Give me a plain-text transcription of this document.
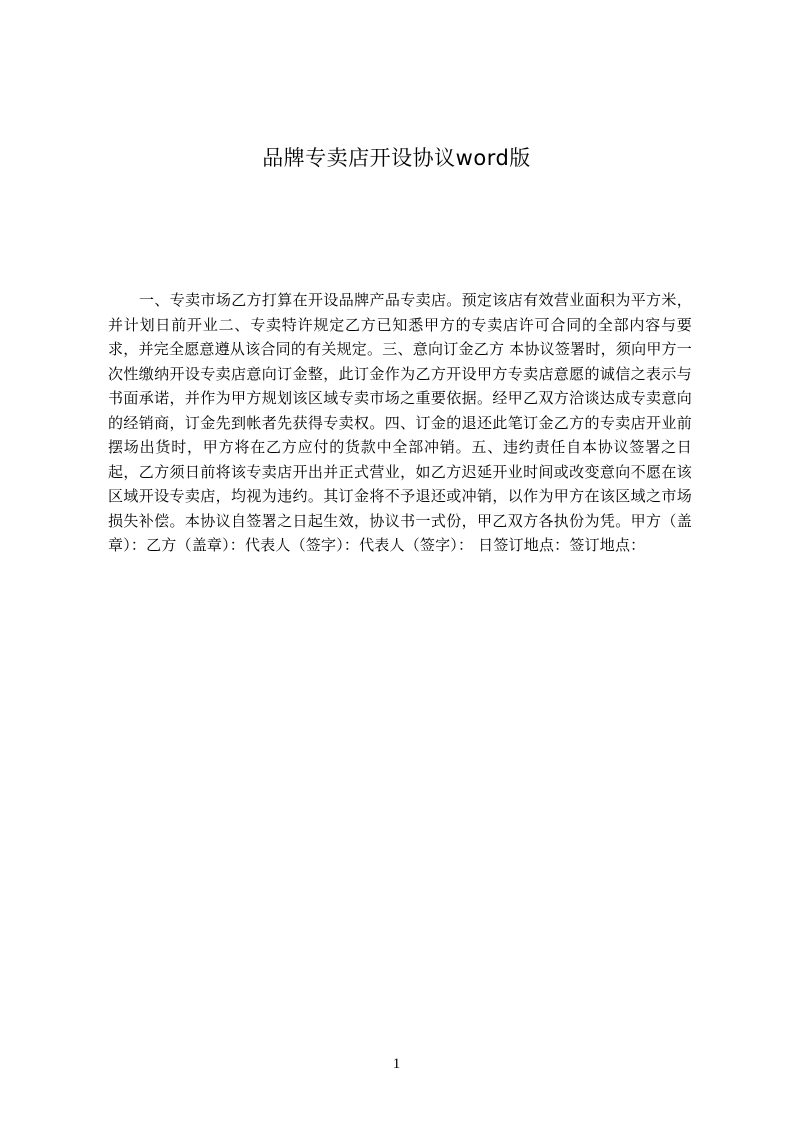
品牌专卖店开设协议word版
一、专卖市场乙方打算在开设品牌产品专卖店。预定该店有效营业面积为平方米，并计划日前开业二、专卖特许规定乙方已知悉甲方的专卖店许可合同的全部内容与要求，并完全愿意遵从该合同的有关规定。三、意向订金乙方 本协议签署时，须向甲方一次性缴纳开设专卖店意向订金整，此订金作为乙方开设甲方专卖店意愿的诚信之表示与书面承诺，并作为甲方规划该区域专卖市场之重要依据。经甲乙双方洽谈达成专卖意向的经销商，订金先到帐者先获得专卖权。四、订金的退还此笔订金乙方的专卖店开业前摆场出货时，甲方将在乙方应付的货款中全部冲销。五、违约责任自本协议签署之日起，乙方须日前将该专卖店开出并正式营业，如乙方迟延开业时间或改变意向不愿在该区域开设专卖店，均视为违约。其订金将不予退还或冲销，以作为甲方在该区域之市场损失补偿。本协议自签署之日起生效，协议书一式份，甲乙双方各执份为凭。甲方（盖章）：乙方（盖章）：代表人（签字）：代表人（签字）： 日签订地点：签订地点：
1
